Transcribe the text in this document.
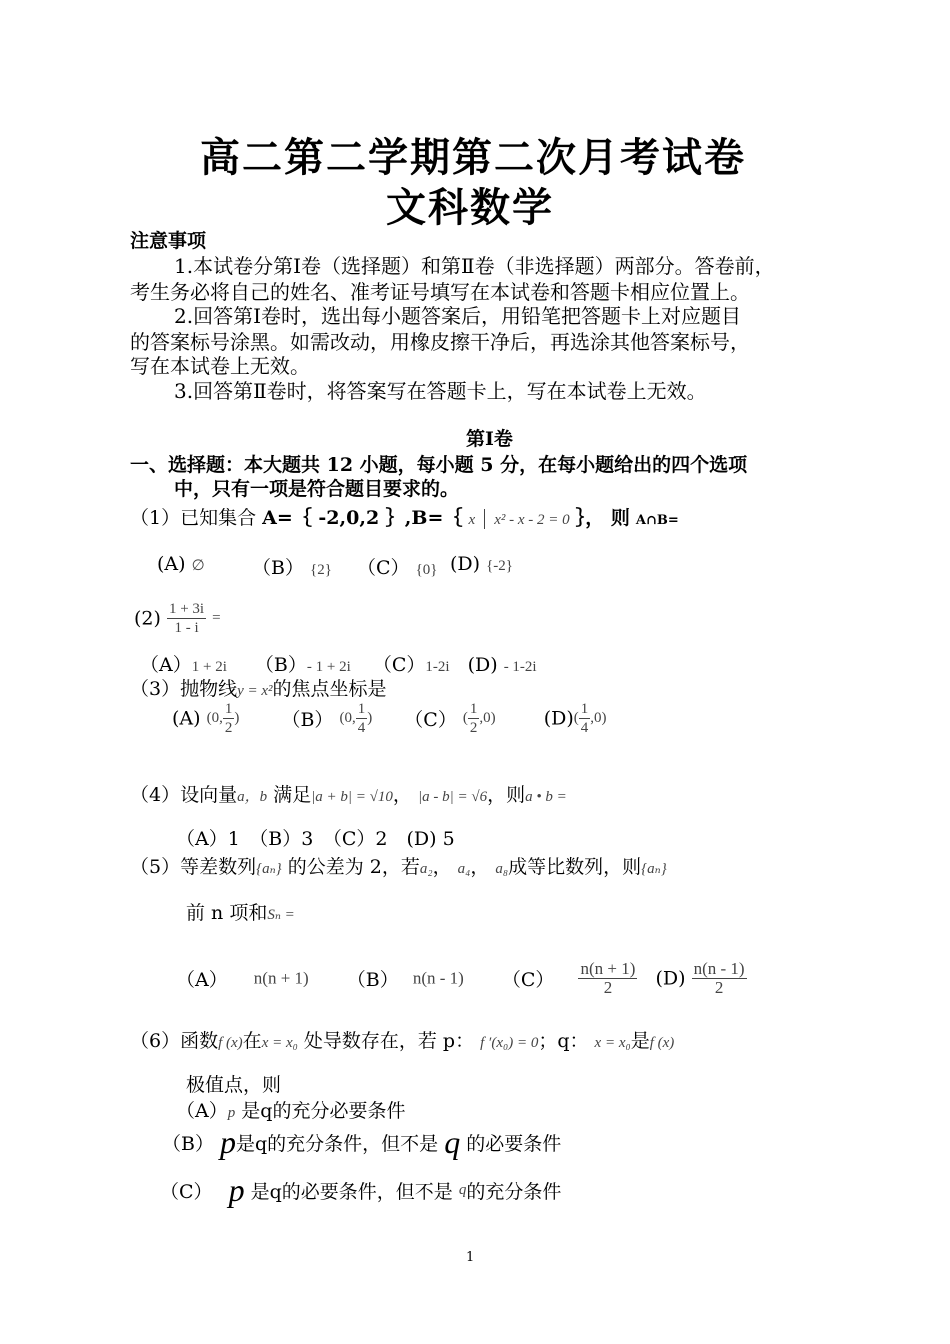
高二第二学期第二次月考试卷
文科数学
注意事项
1.本试卷分第Ⅰ卷（选择题）和第Ⅱ卷（非选择题）两部分。答卷前，
考生务必将自己的姓名、准考证号填写在本试卷和答题卡相应位置上。
2.回答第Ⅰ卷时，选出每小题答案后，用铅笔把答题卡上对应题目
的答案标号涂黑。如需改动，用橡皮擦干净后，再选涂其他答案标号，
写在本试卷上无效。
3.回答第Ⅱ卷时，将答案写在答题卡上，写在本试卷上无效。
第Ⅰ卷
一、选择题：本大题共 12 小题，每小题 5 分，在每小题给出的四个选项
中，只有一项是符合题目要求的。
（1）已知集合 A=｛ -2,0,2 ｝,B=｛ x x² - x - 2 = 0 ｝， 则 A∩B=
(A) ∅ （B） {2} （C） {0} (D) {-2}
$(2) \frac{1 + 3i}{1 - i}$ =
（A）1 + 2i （B）- 1 + 2i （C）1-2i (D) - 1-2i
（3）抛物线y = x²的焦点坐标是
(A) (0, $\frac{1}{2}$ ) （B） (0, $\frac{1}{4}$ ) （C） ( $\frac{1}{2} ,0$)	$(D)( \frac{1}{4} ,0)$
（4）设向量a，b 满足|a + b| = √10， |a - b| = √6，则a • b =
（A）1　（B）3　（C）2　(D) 5
（5）等差数列{aₙ} 的公差为 2，若a₂， a₄， a₈成等比数列，则{aₙ}
前 n 项和Sₙ =
（A） n(n + 1) （B） n(n - 1) $(C) \frac{n(n + 1)}{2} (D) \frac{n(n - 1)}{2}$
（6）函数f (x)在x = x₀ 处导数存在，若 p： f ′(x₀) = 0；q： x = x₀是f (x)
极值点，则
（A）p 是q的充分必要条件
（B） p是q的充分条件，但不是 q 的必要条件
（C） p 是q的必要条件，但不是 q的充分条件
1
